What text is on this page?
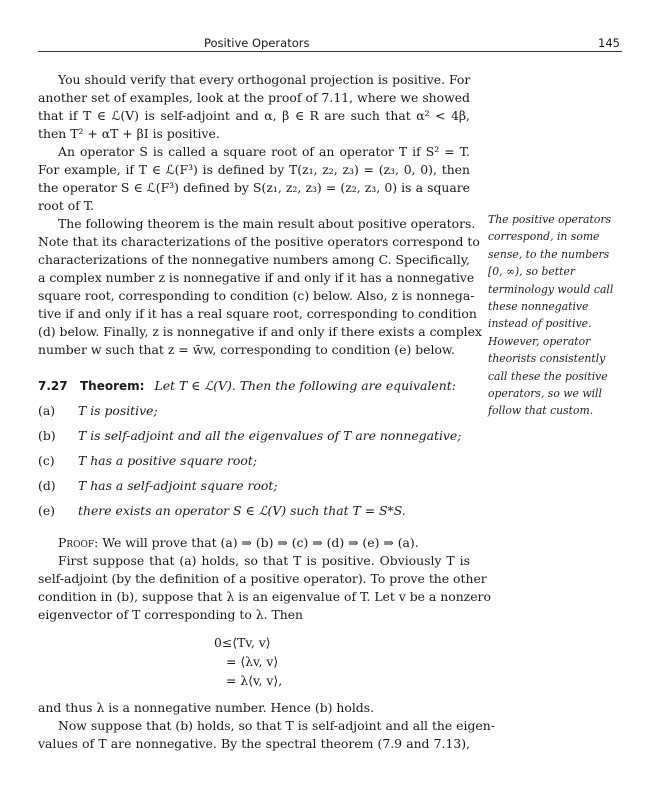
Positive Operators	145
You should verify that every orthogonal projection is positive. For
another set of examples, look at the proof of 7.11, where we showed
that if T ∈ ℒ(V) is self-adjoint and α, β ∈ R are such that α² < 4β,
then T² + αT + βI is positive.
An operator S is called a square root of an operator T if S² = T.
For example, if T ∈ ℒ(F³) is defined by T(z₁, z₂, z₃) = (z₃, 0, 0), then
the operator S ∈ ℒ(F³) defined by S(z₁, z₂, z₃) = (z₂, z₃, 0) is a square
root of T.
The following theorem is the main result about positive operators.
Note that its characterizations of the positive operators correspond to
characterizations of the nonnegative numbers among C. Specifically,
a complex number z is nonnegative if and only if it has a nonnegative
square root, corresponding to condition (c) below. Also, z is nonnega-
tive if and only if it has a real square root, corresponding to condition
(d) below. Finally, z is nonnegative if and only if there exists a complex
number w such that z = w̄w, corresponding to condition (e) below.
7.27 Theorem: Let T ∈ ℒ(V). Then the following are equivalent:
(a) T is positive;
(b) T is self-adjoint and all the eigenvalues of T are nonnegative;
(c) T has a positive square root;
(d) T has a self-adjoint square root;
(e) there exists an operator S ∈ ℒ(V) such that T = S*S.
Proof: We will prove that (a) ⇒ (b) ⇒ (c) ⇒ (d) ⇒ (e) ⇒ (a).
First suppose that (a) holds, so that T is positive. Obviously T is
self-adjoint (by the definition of a positive operator). To prove the other
condition in (b), suppose that λ is an eigenvalue of T. Let v be a nonzero
eigenvector of T corresponding to λ. Then
0≤⟨Tv, v⟩
= ⟨λv, v⟩
= λ⟨v, v⟩,
and thus λ is a nonnegative number. Hence (b) holds.
Now suppose that (b) holds, so that T is self-adjoint and all the eigen-
values of T are nonnegative. By the spectral theorem (7.9 and 7.13),
The positive operators
correspond, in some
sense, to the numbers
[0, ∞), so better
terminology would call
these nonnegative
instead of positive.
However, operator
theorists consistently
call these the positive
operators, so we will
follow that custom.
